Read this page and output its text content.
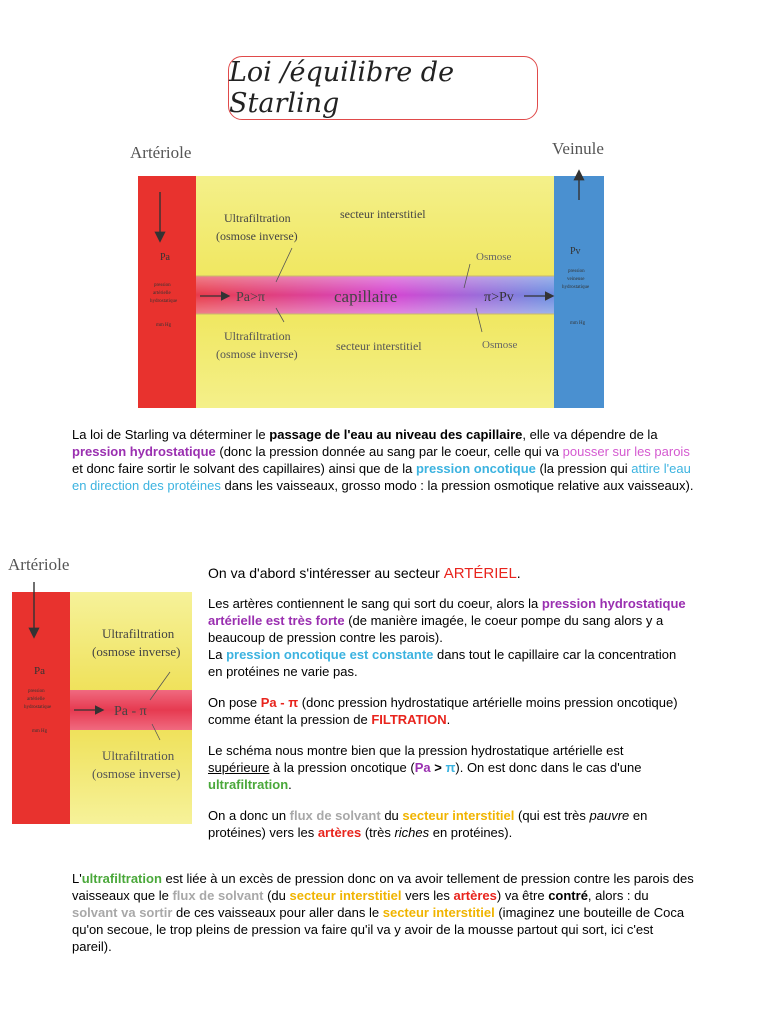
Loi /équilibre de Starling
Artériole	Veinule
Pa
Pv
pression
artérielle
hydrostatique
mm Hg
pression
veineuse
hydrostatique
mm Hg
Ultrafiltration
(osmose inverse)
secteur interstitiel
Osmose
Pa>π	capillaire	π>Pv
Ultrafiltration
(osmose inverse)
secteur interstitiel	Osmose
La loi de Starling va déterminer le passage de l'eau au niveau des capillaire, elle va dépendre de la pression hydrostatique (donc la pression donnée au sang par le coeur, celle qui va pousser sur les parois et donc faire sortir le solvant des capillaires) ainsi que de la pression oncotique (la pression qui attire l'eau en direction des protéines dans les vaisseaux, grosso modo : la pression osmotique relative aux vaisseaux).
Artériole
Pa
pression
artérielle
hydrostatique
mm Hg
Ultrafiltration
(osmose inverse)
Pa - π
Ultrafiltration
(osmose inverse)

On va d'abord s'intéresser au secteur ARTÉRIEL.

Les artères contiennent le sang qui sort du coeur, alors la pression hydrostatique artérielle est très forte (de manière imagée, le coeur pompe du sang alors y a beaucoup de pression contre les parois).
La pression oncotique est constante dans tout le capillaire car la concentration en protéines ne varie pas.

On pose Pa - π (donc pression hydrostatique artérielle moins pression oncotique) comme étant la pression de FILTRATION.

Le schéma nous montre bien que la pression hydrostatique artérielle est supérieure à la pression oncotique (Pa > π). On est donc dans le cas d'une ultrafiltration.

On a donc un flux de solvant du secteur interstitiel (qui est très pauvre en protéines) vers les artères (très riches en protéines).

L'ultrafiltration est liée à un excès de pression donc on va avoir tellement de pression contre les parois des vaisseaux que le flux de solvant (du secteur interstitiel vers les artères) va être contré, alors : du solvant va sortir de ces vaisseaux pour aller dans le secteur interstitiel (imaginez une bouteille de Coca qu'on secoue, le trop pleins de pression va faire qu'il va y avoir de la mousse partout qui sort, ici c'est pareil).
